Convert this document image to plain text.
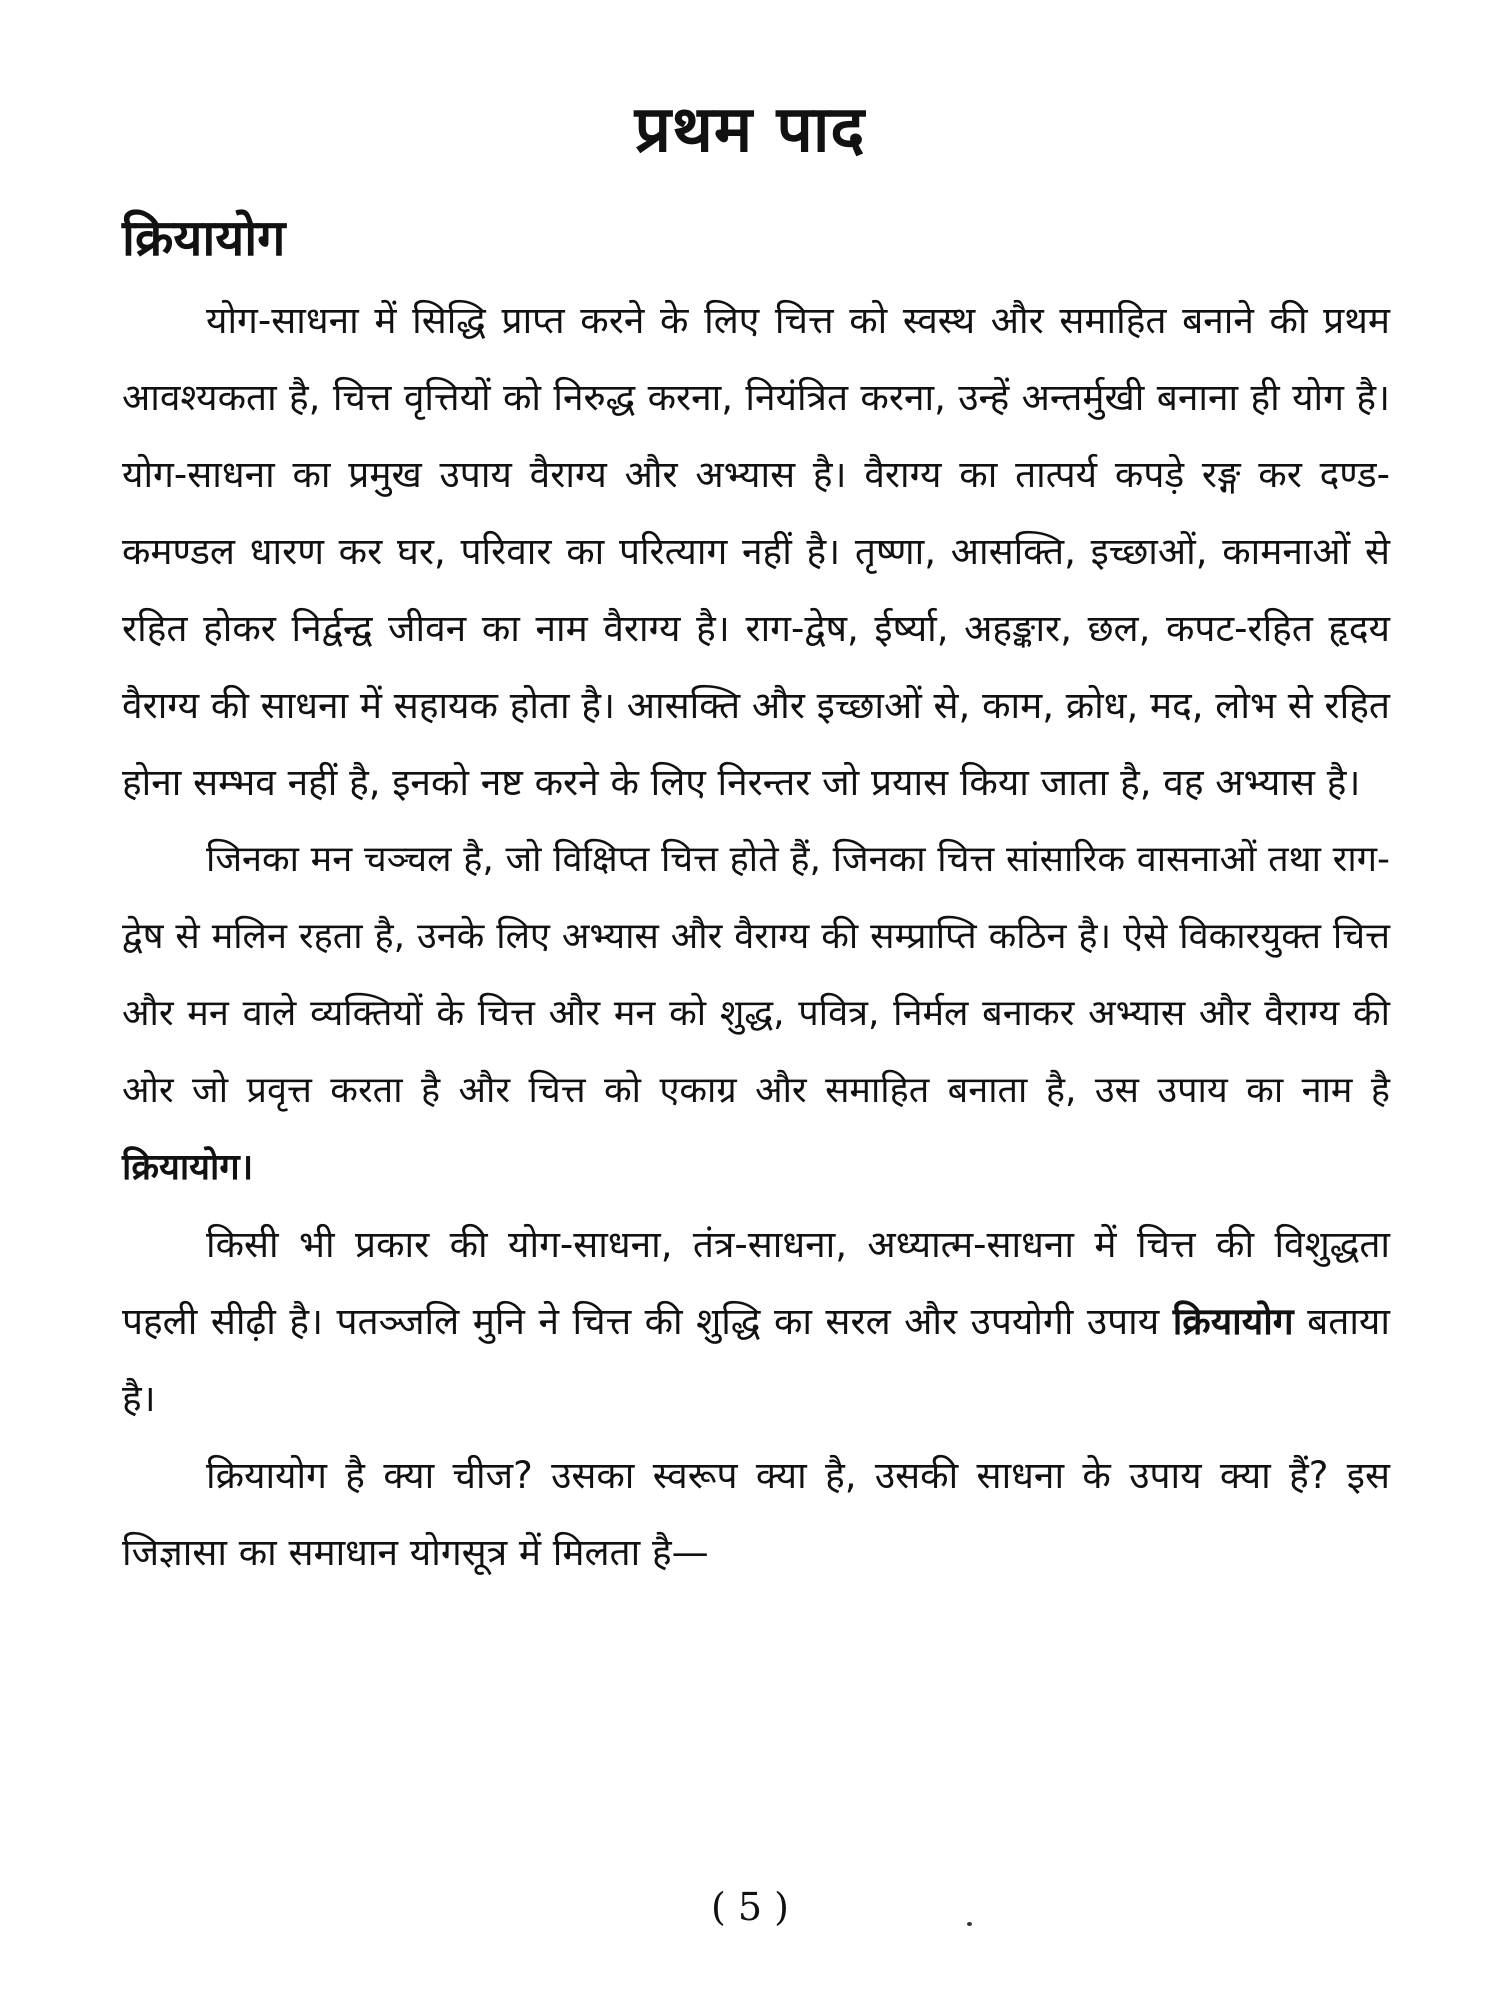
प्रथम पाद
क्रियायोग

योग-साधना में सिद्धि प्राप्त करने के लिए चित्त को स्वस्थ और समाहित बनाने की प्रथम आवश्यकता है, चित्त वृत्तियों को निरुद्ध करना, नियंत्रित करना, उन्हें अन्तर्मुखी बनाना ही योग है। योग-साधना का प्रमुख उपाय वैराग्य और अभ्यास है। वैराग्य का तात्पर्य कपड़े रङ्ग कर दण्ड-कमण्डल धारण कर घर, परिवार का परित्याग नहीं है। तृष्णा, आसक्ति, इच्छाओं, कामनाओं से रहित होकर निर्द्वन्द्व जीवन का नाम वैराग्य है। राग-द्वेष, ईर्ष्या, अहङ्कार, छल, कपट-रहित हृदय वैराग्य की साधना में सहायक होता है। आसक्ति और इच्छाओं से, काम, क्रोध, मद, लोभ से रहित होना सम्भव नहीं है, इनको नष्ट करने के लिए निरन्तर जो प्रयास किया जाता है, वह अभ्यास है।

जिनका मन चञ्चल है, जो विक्षिप्त चित्त होते हैं, जिनका चित्त सांसारिक वासनाओं तथा राग-द्वेष से मलिन रहता है, उनके लिए अभ्यास और वैराग्य की सम्प्राप्ति कठिन है। ऐसे विकारयुक्त चित्त और मन वाले व्यक्तियों के चित्त और मन को शुद्ध, पवित्र, निर्मल बनाकर अभ्यास और वैराग्य की ओर जो प्रवृत्त करता है और चित्त को एकाग्र और समाहित बनाता है, उस उपाय का नाम है क्रियायोग।

किसी भी प्रकार की योग-साधना, तंत्र-साधना, अध्यात्म-साधना में चित्त की विशुद्धता पहली सीढ़ी है। पतञ्जलि मुनि ने चित्त की शुद्धि का सरल और उपयोगी उपाय क्रियायोग बताया है।

क्रियायोग है क्या चीज? उसका स्वरूप क्या है, उसकी साधना के उपाय क्या हैं? इस जिज्ञासा का समाधान योगसूत्र में मिलता है—

( 5 )
